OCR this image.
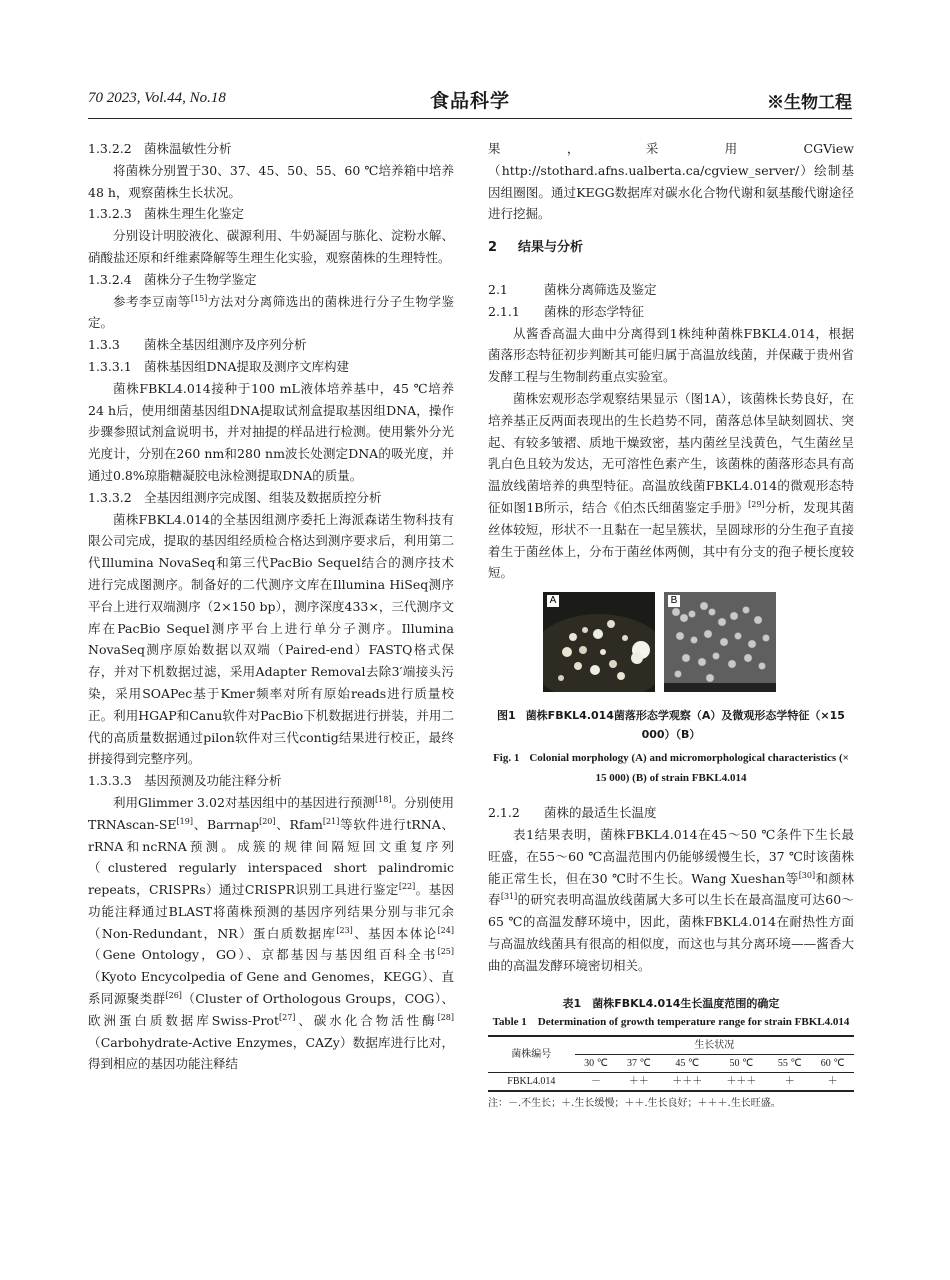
70 2023, Vol.44, No.18	食品科学	※生物工程

1.3.2.2 菌株温敏性分析

将菌株分别置于30、37、45、50、55、60 ℃培养箱中培养48 h，观察菌株生长状况。

1.3.2.3 菌株生理生化鉴定

分别设计明胶液化、碳源利用、牛奶凝固与胨化、淀粉水解、硝酸盐还原和纤维素降解等生理生化实验，观察菌株的生理特性。

1.3.2.4 菌株分子生物学鉴定

参考李豆南等[15]方法对分离筛选出的菌株进行分子生物学鉴定。

1.3.3 菌株全基因组测序及序列分析

1.3.3.1 菌株基因组DNA提取及测序文库构建

菌株FBKL4.014接种于100 mL液体培养基中，45 ℃培养24 h后，使用细菌基因组DNA提取试剂盒提取基因组DNA，操作步骤参照试剂盒说明书，并对抽提的样品进行检测。使用紫外分光光度计，分别在260 nm和280 nm波长处测定DNA的吸光度，并通过0.8%琼脂糖凝胶电泳检测提取DNA的质量。

1.3.3.2 全基因组测序完成图、组装及数据质控分析

菌株FBKL4.014的全基因组测序委托上海派森诺生物科技有限公司完成，提取的基因组经质检合格达到测序要求后，利用第二代Illumina NovaSeq和第三代PacBio Sequel结合的测序技术进行完成图测序。制备好的二代测序文库在Illumina HiSeq测序平台上进行双端测序（2×150 bp），测序深度433×，三代测序文库在PacBio Sequel测序平台上进行单分子测序。Illumina NovaSeq测序原始数据以双端（Paired-end）FASTQ格式保存，并对下机数据过滤，采用Adapter Removal去除3′端接头污染，采用SOAPec基于Kmer频率对所有原始reads进行质量校正。利用HGAP和Canu软件对PacBio下机数据进行拼装，并用二代的高质量数据通过pilon软件对三代contig结果进行校正，最终拼接得到完整序列。

1.3.3.3 基因预测及功能注释分析

利用Glimmer 3.02对基因组中的基因进行预测[18]。分别使用TRNAscan-SE[19]、Barrnap[20]、Rfam[21]等软件进行tRNA、rRNA和ncRNA预测。成簇的规律间隔短回文重复序列（clustered regularly interspaced short palindromic repeats，CRISPRs）通过CRISPR识别工具进行鉴定[22]。基因功能注释通过BLAST将菌株预测的基因序列结果分别与非冗余（Non-Redundant，NR）蛋白质数据库[23]、基因本体论[24]（Gene Ontology，GO）、京都基因与基因组百科全书[25]（Kyoto Encycolpedia of Gene and Genomes，KEGG）、直系同源聚类群[26]（Cluster of Orthologous Groups，COG）、欧洲蛋白质数据库Swiss-Prot[27]、碳水化合物活性酶[28]（Carbohydrate-Active Enzymes，CAZy）数据库进行比对，得到相应的基因功能注释结

果，采用CGView（http://stothard.afns.ualberta.ca/cgview_server/）绘制基因组圈图。通过KEGG数据库对碳水化合物代谢和氨基酸代谢途径进行挖掘。

2 结果与分析

2.1	菌株分离筛选及鉴定

2.1.1 菌株的形态学特征

从酱香高温大曲中分离得到1株纯种菌株FBKL4.014，根据菌落形态特征初步判断其可能归属于高温放线菌，并保藏于贵州省发酵工程与生物制药重点实验室。

菌株宏观形态学观察结果显示（图1A），该菌株长势良好，在培养基正反两面表现出的生长趋势不同，菌落总体呈缺刻圆状、突起、有较多皱褶、质地干燥致密，基内菌丝呈浅黄色，气生菌丝呈乳白色且较为发达，无可溶性色素产生，该菌株的菌落形态具有高温放线菌培养的典型特征。高温放线菌FBKL4.014的微观形态特征如图1B所示，结合《伯杰氏细菌鉴定手册》[29]分析，发现其菌丝体较短，形状不一且黏在一起呈簇状，呈圆球形的分生孢子直接着生于菌丝体上，分布于菌丝体两侧，其中有分支的孢子梗长度较短。

A	B

图1 菌株FBKL4.014菌落形态学观察（A）及微观形态学特征（×15 000）（B）

Fig. 1 Colonial morphology (A) and micromorphological characteristics (× 15 000) (B) of strain FBKL4.014

2.1.2 菌株的最适生长温度

表1结果表明，菌株FBKL4.014在45～50 ℃条件下生长最旺盛，在55～60 ℃高温范围内仍能够缓慢生长，37 ℃时该菌株能正常生长，但在30 ℃时不生长。Wang Xueshan等[30]和颜林春[31]的研究表明高温放线菌属大多可以生长在最高温度可达60～65 ℃的高温发酵环境中，因此，菌株FBKL4.014在耐热性方面与高温放线菌具有很高的相似度，而这也与其分离环境——酱香大曲的高温发酵环境密切相关。

表1　菌株FBKL4.014生长温度范围的确定

Table 1　Determination of growth temperature range for strain FBKL4.014

菌株编号	生长状况					
	30 ℃	37 ℃	45 ℃	50 ℃	55 ℃	60 ℃
FBKL4.014	－	＋＋	＋＋＋	＋＋＋	＋	＋
注：－.不生长；＋.生长缓慢；＋＋.生长良好；＋＋＋.生长旺盛。
